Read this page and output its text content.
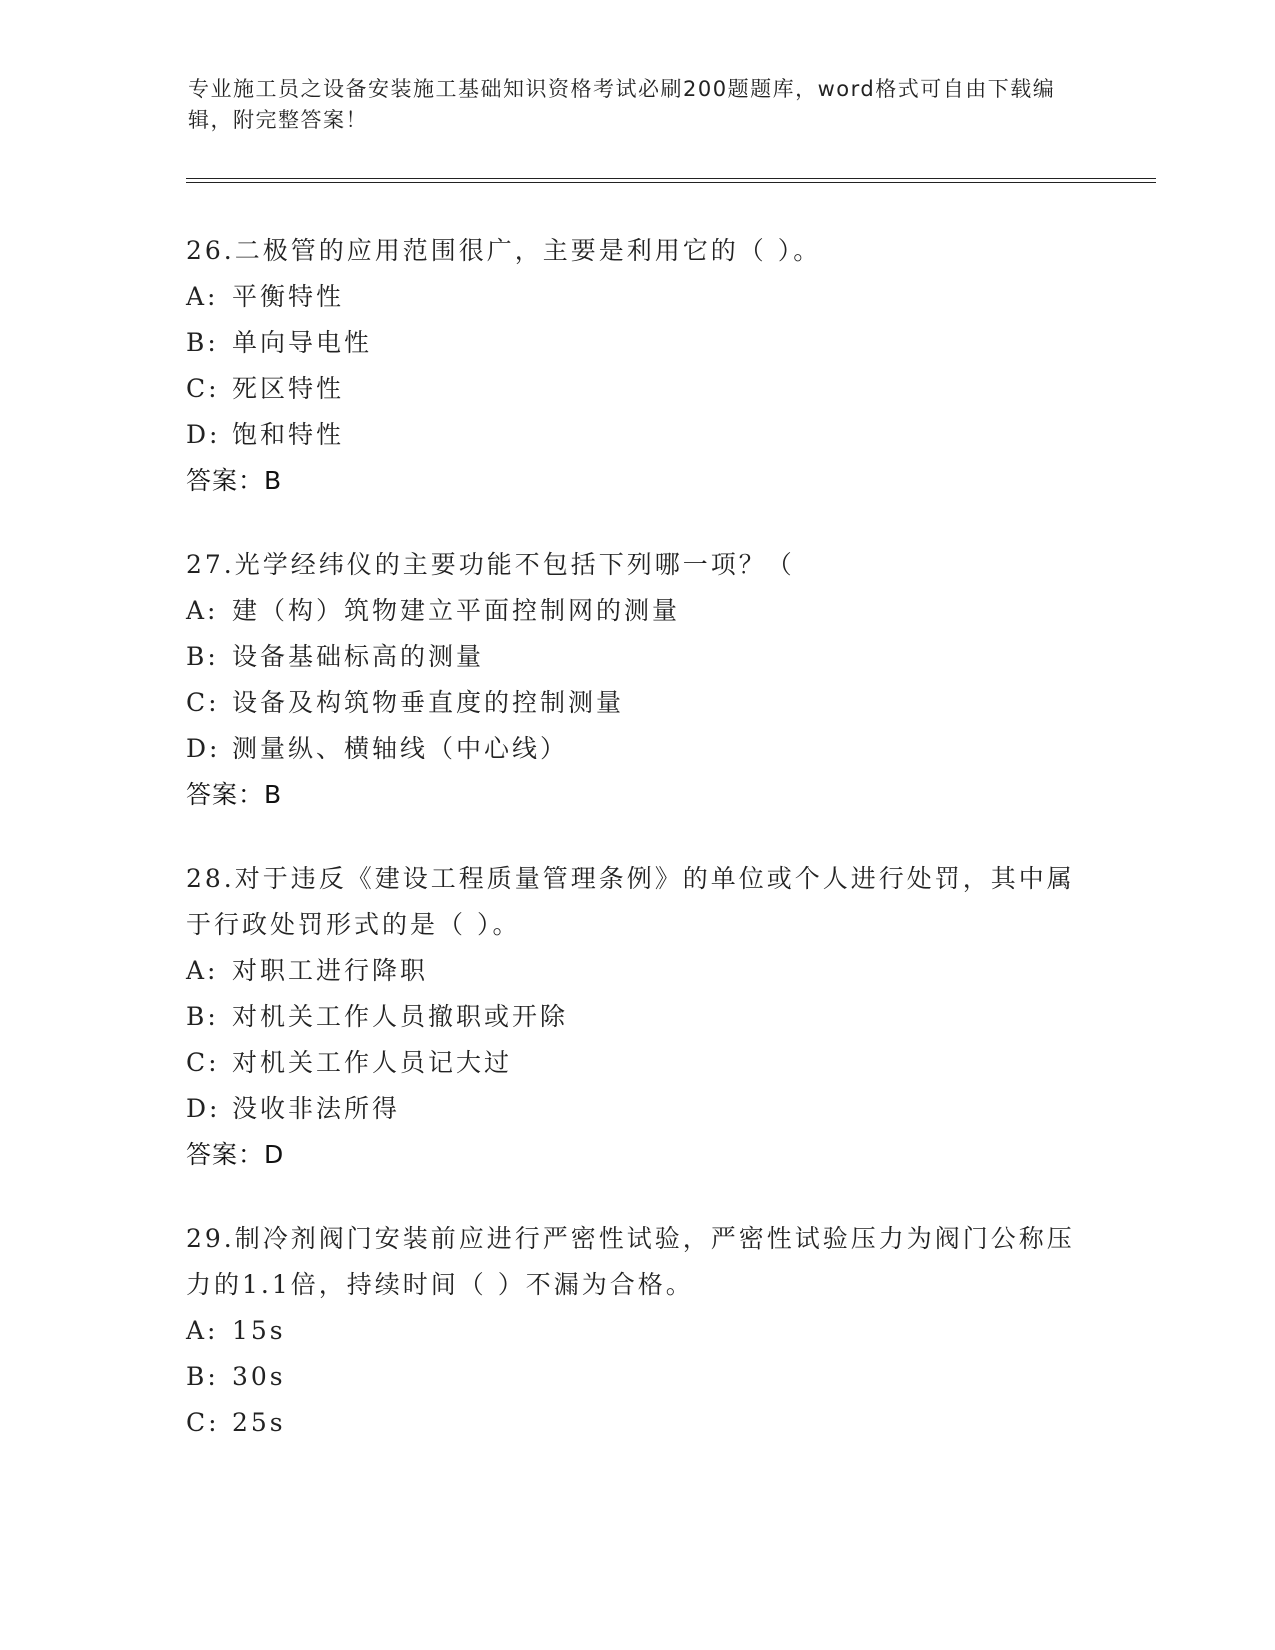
专业施工员之设备安装施工基础知识资格考试必刷200题题库，word格式可自由下载编辑，附完整答案！
26.二极管的应用范围很广，主要是利用它的（ ）。
A: 平衡特性
B: 单向导电性
C: 死区特性
D: 饱和特性
答案：B
27.光学经纬仪的主要功能不包括下列哪一项？（
A: 建（构）筑物建立平面控制网的测量
B: 设备基础标高的测量
C: 设备及构筑物垂直度的控制测量
D: 测量纵、横轴线（中心线）
答案：B
28.对于违反《建设工程质量管理条例》的单位或个人进行处罚，其中属于行政处罚形式的是（ ）。
A: 对职工进行降职
B: 对机关工作人员撤职或开除
C: 对机关工作人员记大过
D: 没收非法所得
答案：D
29.制冷剂阀门安装前应进行严密性试验，严密性试验压力为阀门公称压力的1.1倍，持续时间（ ）不漏为合格。
A: 15s
B: 30s
C: 25s
